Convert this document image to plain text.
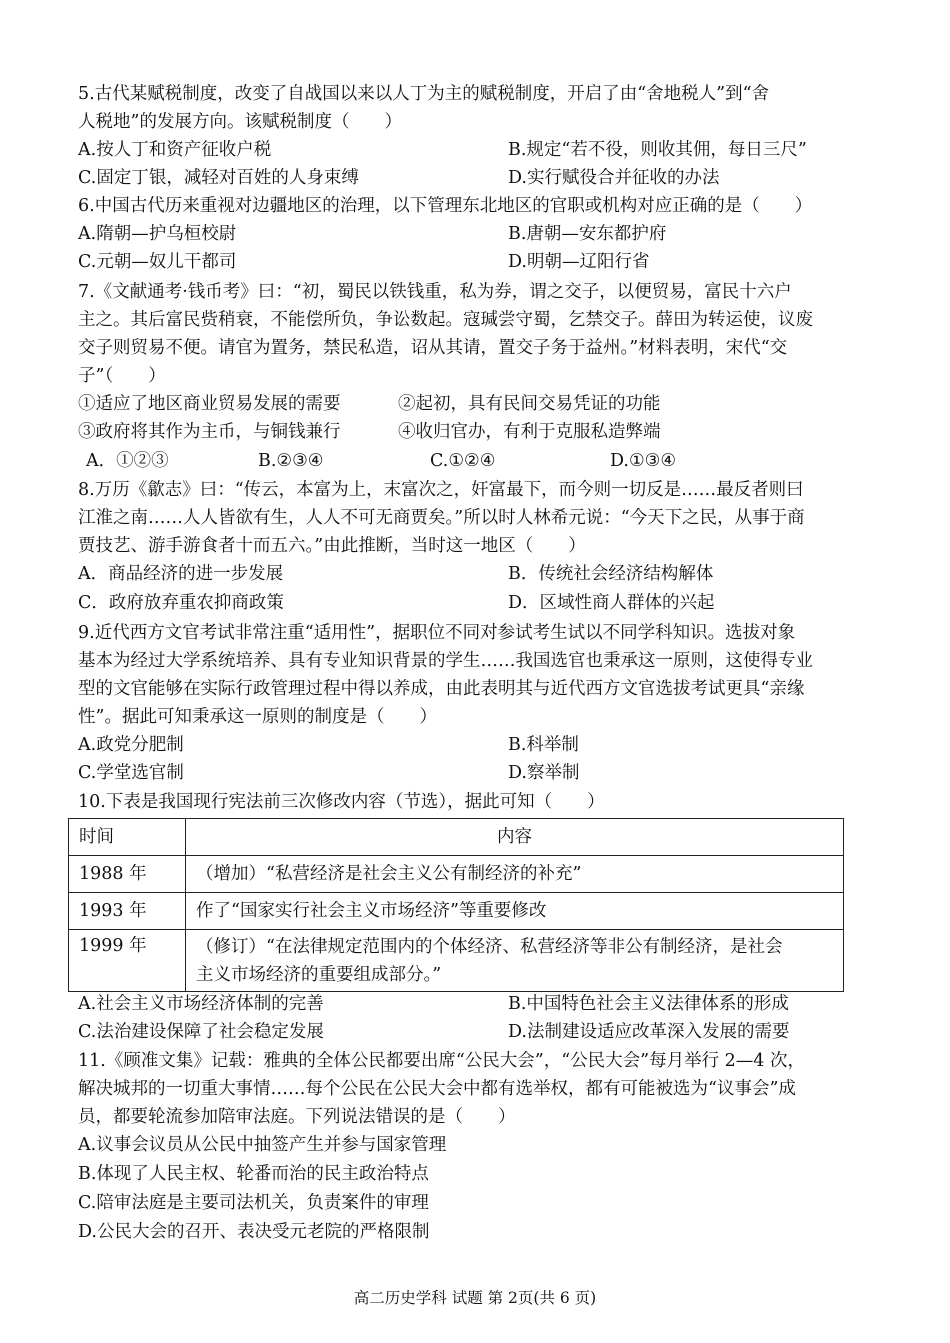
5.古代某赋税制度，改变了自战国以来以人丁为主的赋税制度，开启了由“舍地税人”到“舍
人税地”的发展方向。该赋税制度（　　）
A.按人丁和资产征收户税	B.规定“若不役，则收其佣，每日三尺”
C.固定丁银，减轻对百姓的人身束缚	D.实行赋役合并征收的办法
6.中国古代历来重视对边疆地区的治理，以下管理东北地区的官职或机构对应正确的是（　　）
A.隋朝—护乌桓校尉	B.唐朝—安东都护府
C.元朝—奴儿干都司	D.明朝—辽阳行省
7.《文献通考·钱币考》曰：“初，蜀民以铁钱重，私为券，谓之交子，以便贸易，富民十六户
主之。其后富民赀稍衰，不能偿所负，争讼数起。寇瑊尝守蜀，乞禁交子。薛田为转运使，议废
交子则贸易不便。请官为置务，禁民私造，诏从其请，置交子务于益州。”材料表明，宋代“交
子”（　　）
①适应了地区商业贸易发展的需要	②起初，具有民间交易凭证的功能
③政府将其作为主币，与铜钱兼行	④收归官办，有利于克服私造弊端
A．①②③	B.②③④	C.①②④	D.①③④
8.万历《歙志》曰：“传云，本富为上，末富次之，奸富最下，而今则一切反是……最反者则曰
江淮之南……人人皆欲有生，人人不可无商贾矣。”所以时人林希元说：“今天下之民，从事于商
贾技艺、游手游食者十而五六。”由此推断，当时这一地区（　　）
A．商品经济的进一步发展	B．传统社会经济结构解体
C．政府放弃重农抑商政策	D．区域性商人群体的兴起
9.近代西方文官考试非常注重“适用性”，据职位不同对参试考生试以不同学科知识。选拔对象
基本为经过大学系统培养、具有专业知识背景的学生……我国选官也秉承这一原则，这使得专业
型的文官能够在实际行政管理过程中得以养成，由此表明其与近代西方文官选拔考试更具“亲缘
性”。据此可知秉承这一原则的制度是（　　）
A.政党分肥制	B.科举制
C.学堂选官制	D.察举制
10.下表是我国现行宪法前三次修改内容（节选），据此可知（　　）
时间	内容
1988 年	（增加）“私营经济是社会主义公有制经济的补充”
1993 年	作了“国家实行社会主义市场经济”等重要修改
1999 年	（修订）“在法律规定范围内的个体经济、私营经济等非公有制经济，是社会
主义市场经济的重要组成部分。”
A.社会主义市场经济体制的完善	B.中国特色社会主义法律体系的形成
C.法治建设保障了社会稳定发展	D.法制建设适应改革深入发展的需要
11.《顾准文集》记载：雅典的全体公民都要出席“公民大会”，“公民大会”每月举行 2—4 次，
解决城邦的一切重大事情……每个公民在公民大会中都有选举权，都有可能被选为“议事会”成
员，都要轮流参加陪审法庭。下列说法错误的是（　　）
A.议事会议员从公民中抽签产生并参与国家管理
B.体现了人民主权、轮番而治的民主政治特点
C.陪审法庭是主要司法机关，负责案件的审理
D.公民大会的召开、表决受元老院的严格限制
高二历史学科 试题 第 2页(共 6 页)
